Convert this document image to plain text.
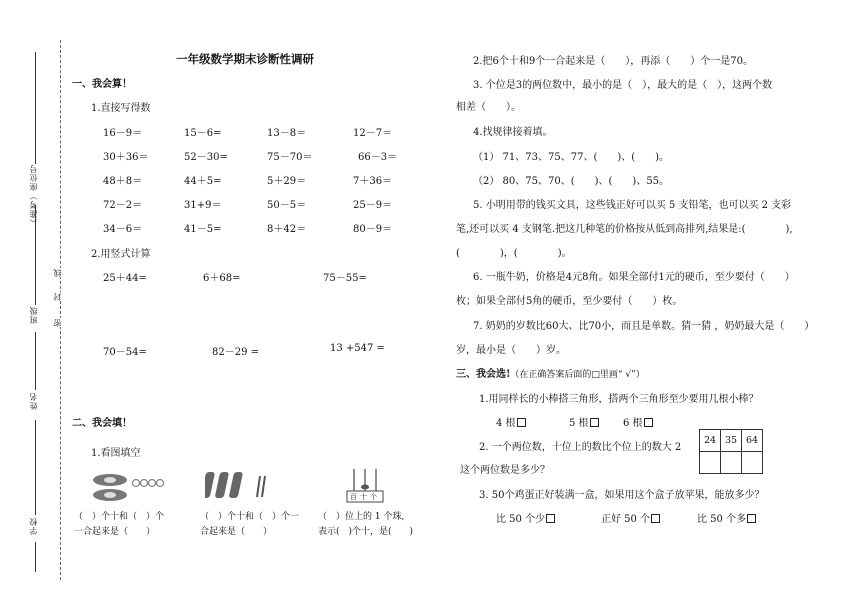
（准考）座位号
班级
姓名
学校
线
封
密
一年级数学期末诊断性调研
一、我会算！
1.直接写得数
16－9＝	15－6=	13－8＝	12－7＝
30＋36＝	52－30=	75－70＝	66－3＝
48＋8＝	44＋5=	5＋29＝	7＋36＝
72－2＝	31+9＝	50－5＝	25－9＝
34－6＝	41－5=	8＋42＝	80－9＝
2.用竖式计算
25＋44=	6＋68=	75－55=
70－54=	82－29 =	13 +547 =
二、我会填！
1.看图填空
（　）个十和（　）个
一合起来是（　　）
（　）个十和（　）个一
合起来是（　　）
百十个
（　）位上的 1 个珠,
表示(　)个十，是(　　)
2.把6个十和9个一合起来是（　　），再添（　　）个一是70。
3. 个位是3的两位数中，最小的是（　），最大的是（　），这两个数
相差（　　）。
4.找规律接着填。
（1） 71、73、75、77、(　　)、(　　)。
（2） 80、75、70、(　　)、(　　)、55。
5. 小明用带的钱买文具，这些钱正好可以买 5 支铅笔，也可以买 2 支彩
笔,还可以买 4 支钢笔.把这几种笔的价格按从低到高排列,结果是:(　　　　),
(　　　　)，(　　　　)。
6. 一瓶牛奶，价格是4元8角。如果全部付1元的硬币，至少要付（　　）
枚；如果全部付5角的硬币，至少要付（　　）枚。
7. 奶奶的岁数比60大、比70小，而且是单数。猜一猜 ，奶奶最大是（　　）
岁，最小是（　　）岁。
三、我会选!（在正确答案后面的□里画“ √”）
1.用同样长的小棒搭三角形，搭两个三角形至少要用几根小棒？
4 根	5 根	6 根
2. 一个两位数，十位上的数比个位上的数大 2
这个两位数是多少？
24	35	64

3. 50个鸡蛋正好装满一盒，如果用这个盒子放苹果，能放多少？
比 50 个少	正好 50 个	比 50 个多
